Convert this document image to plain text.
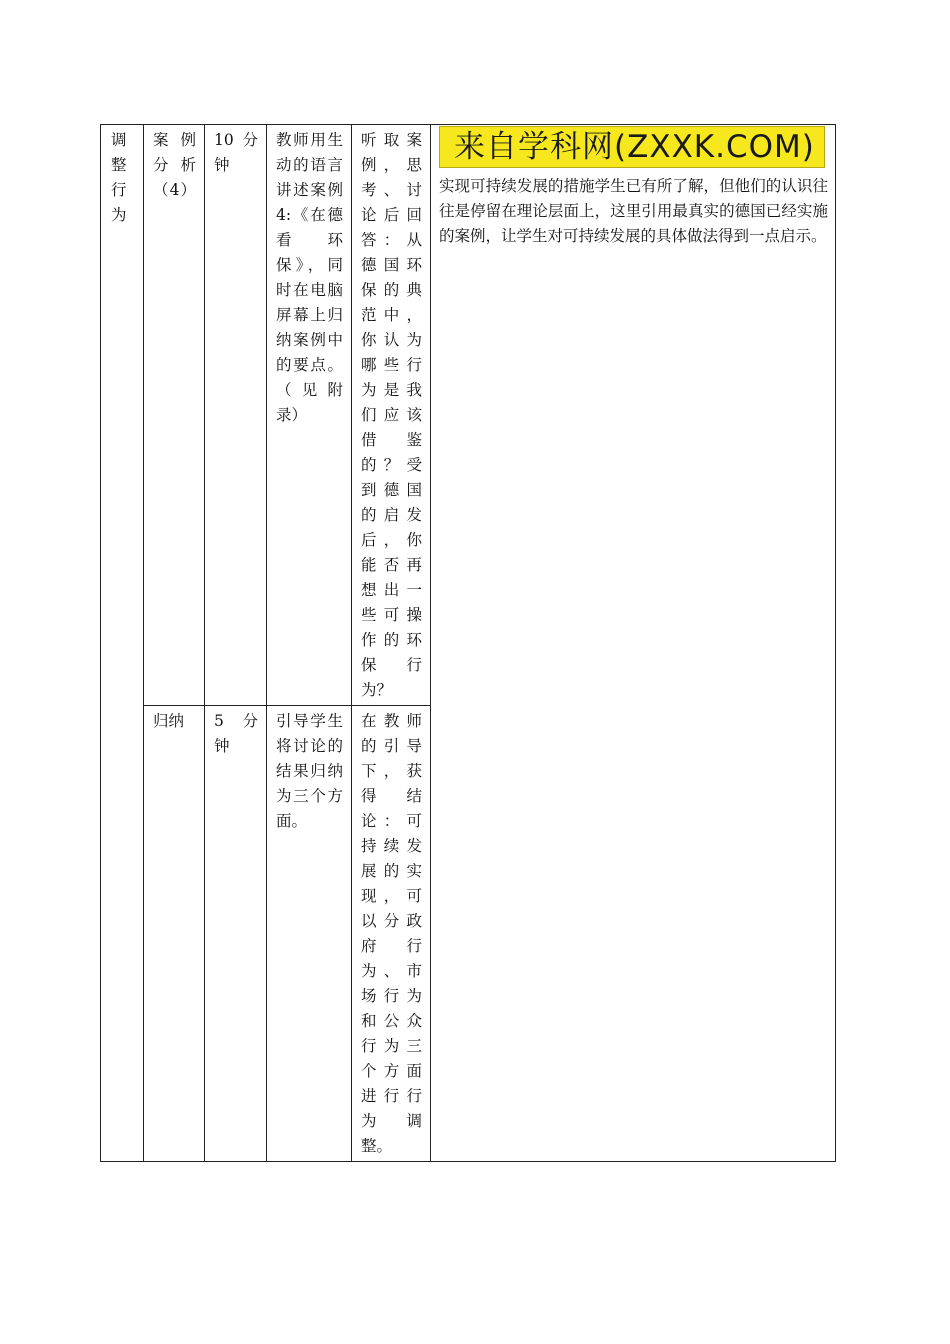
调整行为	案例分析（4）	10 分钟	教师用生动的语言讲述案例4:《在德看环保》，同时在电脑屏幕上归纳案例中的要点。（见附录）	听取案例，思考、讨论后回答：从德国环保的典范中，你认为哪些行为是我们应该借鉴的？受到德国的启发后，你能否再想出一些可操作的环保行为？	来自学科网(ZXXK.COM)
实现可持续发展的措施学生已有所了解，但他们的认识往往是停留在理论层面上，这里引用最真实的德国已经实施的案例，让学生对可持续发展的具体做法得到一点启示。

	归纳	5 分钟	引导学生将讨论的结果归纳为三个方面。	在教师的引导下，获得结论：可持续发展的实现，可以分政府行为、市场行为和公众行为三个方面进行行为调整。	
